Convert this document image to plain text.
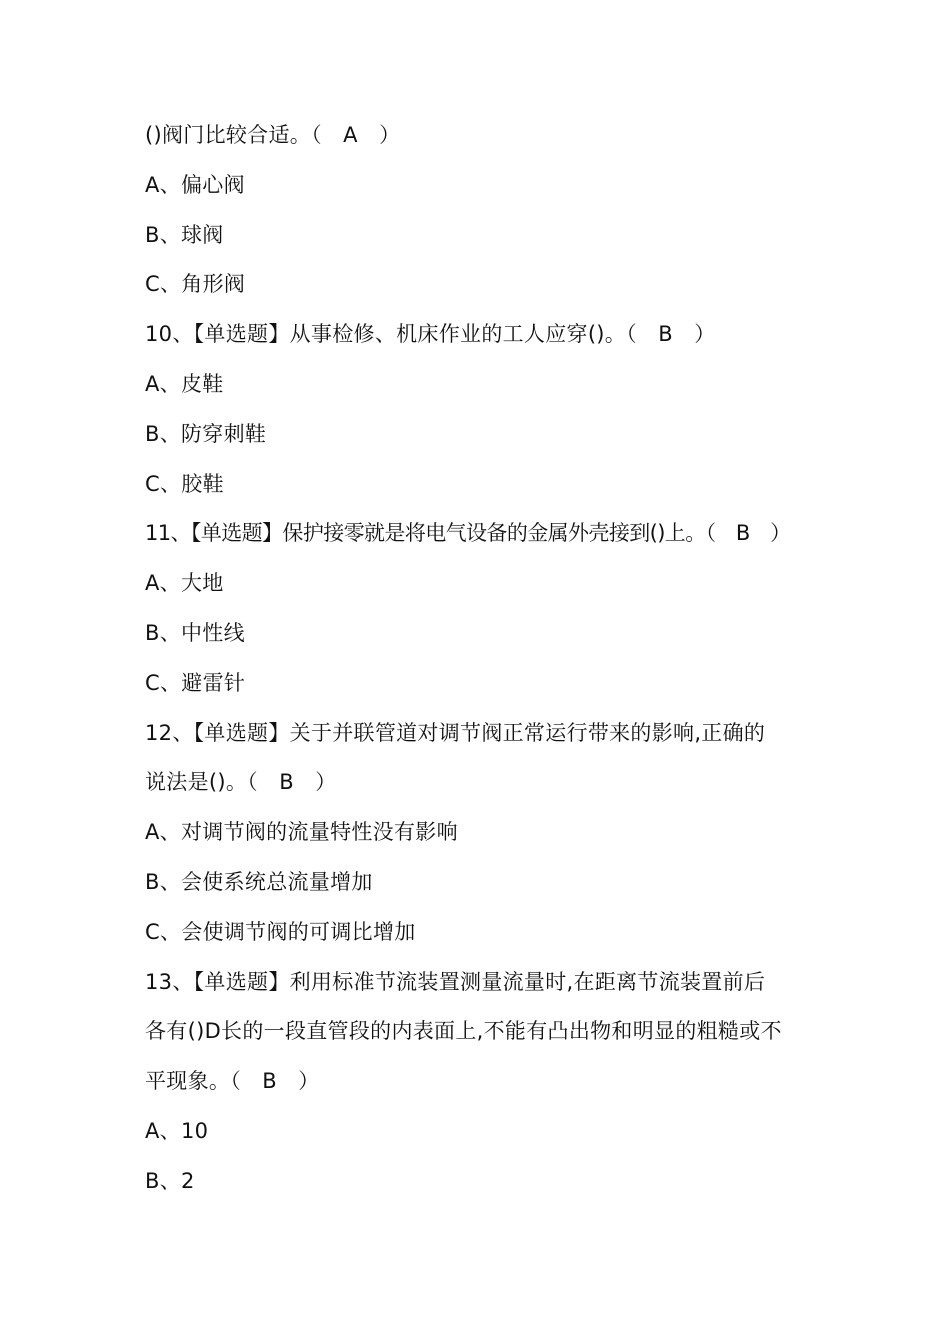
()阀门比较合适。（　A　）
A、偏心阀
B、球阀
C、角形阀
10、【单选题】从事检修、机床作业的工人应穿()。（　B　）
A、皮鞋
B、防穿刺鞋
C、胶鞋
11、【单选题】保护接零就是将电气设备的金属外壳接到()上。（　B　）
A、大地
B、中性线
C、避雷针
12、【单选题】关于并联管道对调节阀正常运行带来的影响,正确的
说法是()。（　B　）
A、对调节阀的流量特性没有影响
B、会使系统总流量增加
C、会使调节阀的可调比增加
13、【单选题】利用标准节流装置测量流量时,在距离节流装置前后
各有()D长的一段直管段的内表面上,不能有凸出物和明显的粗糙或不
平现象。（　B　）
A、10
B、2
